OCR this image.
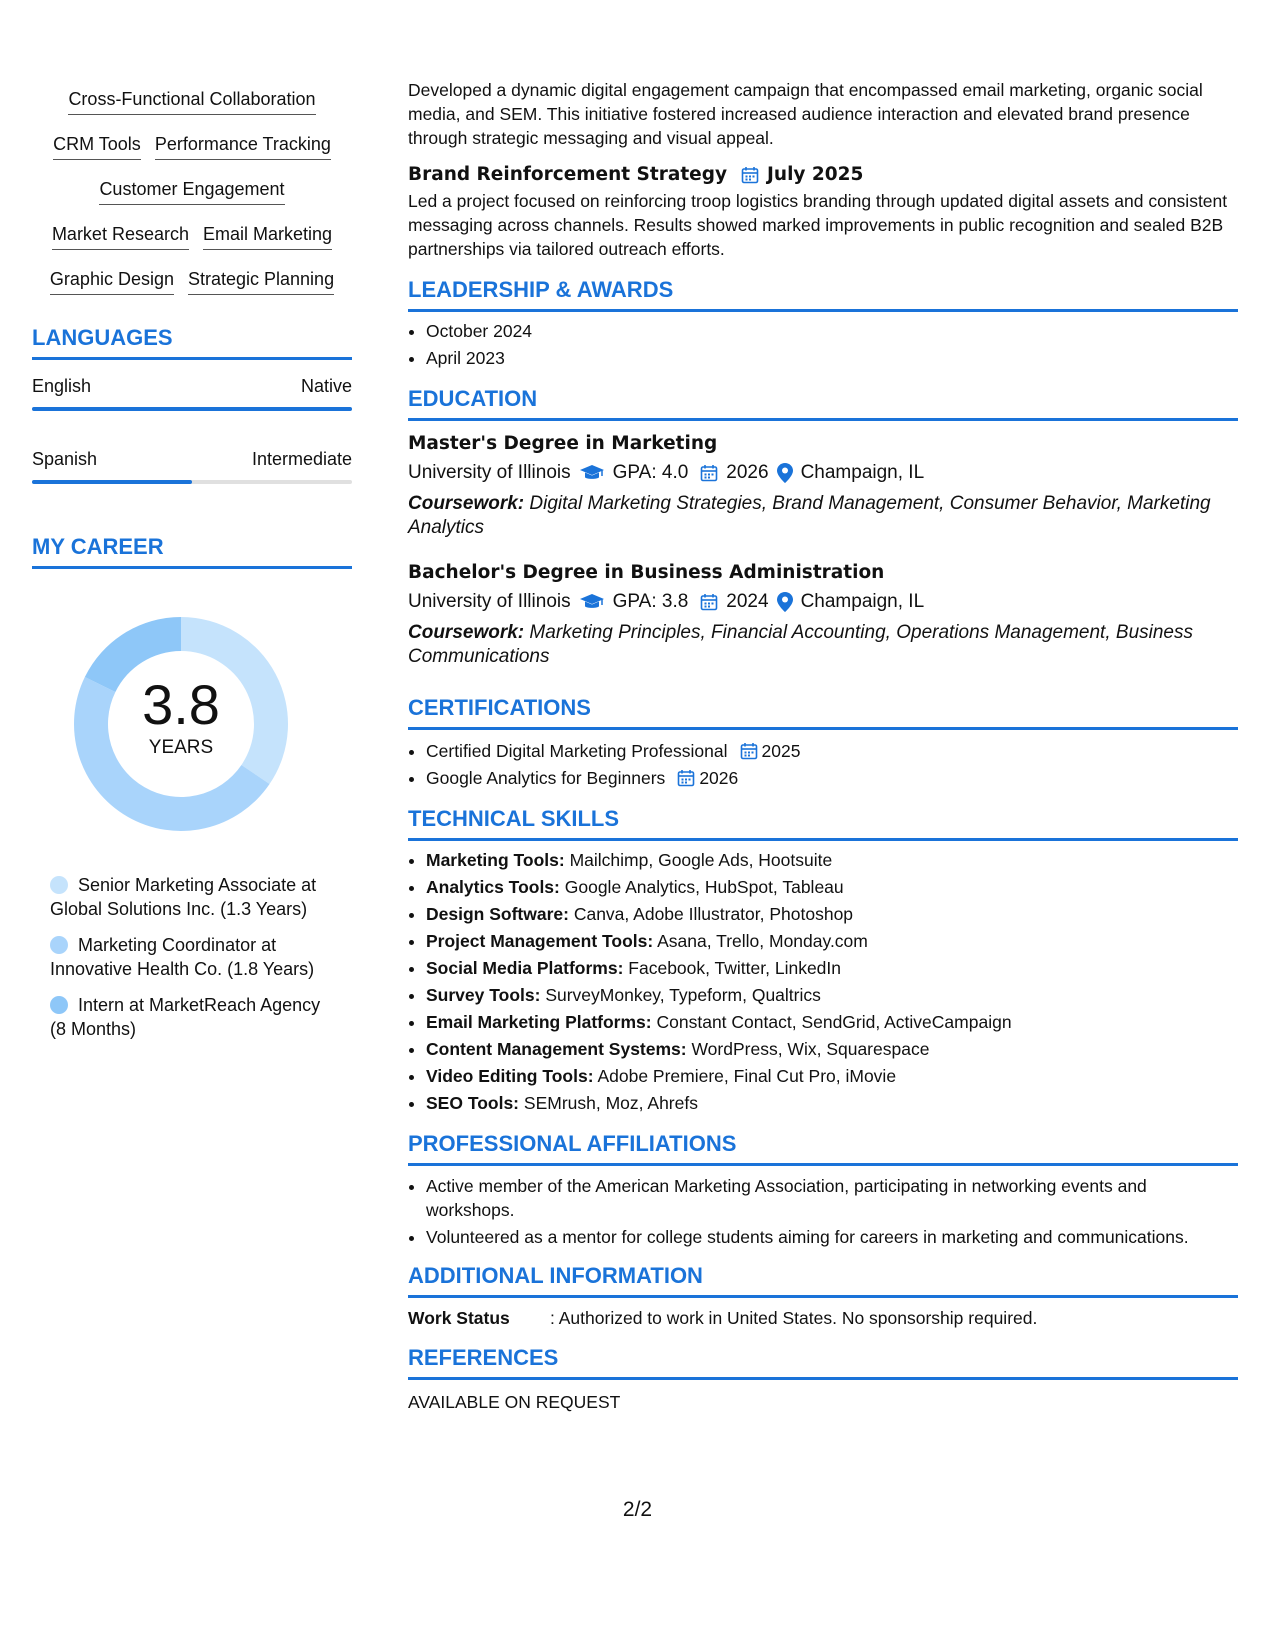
Cross-Functional Collaboration
CRM Tools Performance Tracking
Customer Engagement
Market Research Email Marketing
Graphic Design Strategic Planning
LANGUAGES
English	Native
Spanish	Intermediate
MY CAREER
3.8
YEARS
Senior Marketing Associate at Global Solutions Inc. (1.3 Years)
Marketing Coordinator at Innovative Health Co. (1.8 Years)
Intern at MarketReach Agency (8 Months)

Developed a dynamic digital engagement campaign that encompassed email marketing, organic social media, and SEM. This initiative fostered increased audience interaction and elevated brand presence through strategic messaging and visual appeal.

Brand Reinforcement Strategy July 2025

Led a project focused on reinforcing troop logistics branding through updated digital assets and consistent messaging across channels. Results showed marked improvements in public recognition and sealed B2B partnerships via tailored outreach efforts.

LEADERSHIP & AWARDS
• October 2024
• April 2023
EDUCATION
Master's Degree in Marketing
University of Illinois GPA: 4.0 2026 Champaign, IL

Coursework: Digital Marketing Strategies, Brand Management, Consumer Behavior, Marketing Analytics

Bachelor's Degree in Business Administration
University of Illinois GPA: 3.8 2024 Champaign, IL

Coursework: Marketing Principles, Financial Accounting, Operations Management, Business Communications

CERTIFICATIONS
• Certified Digital Marketing Professional 2025
• Google Analytics for Beginners 2026
TECHNICAL SKILLS
• Marketing Tools: Mailchimp, Google Ads, Hootsuite
• Analytics Tools: Google Analytics, HubSpot, Tableau
• Design Software: Canva, Adobe Illustrator, Photoshop
• Project Management Tools: Asana, Trello, Monday.com
• Social Media Platforms: Facebook, Twitter, LinkedIn
• Survey Tools: SurveyMonkey, Typeform, Qualtrics
• Email Marketing Platforms: Constant Contact, SendGrid, ActiveCampaign
• Content Management Systems: WordPress, Wix, Squarespace
• Video Editing Tools: Adobe Premiere, Final Cut Pro, iMovie
• SEO Tools: SEMrush, Moz, Ahrefs
PROFESSIONAL AFFILIATIONS
• Active member of the American Marketing Association, participating in networking events and workshops.
• Volunteered as a mentor for college students aiming for careers in marketing and communications.
ADDITIONAL INFORMATION
Work Status	: Authorized to work in United States. No sponsorship required.
REFERENCES
AVAILABLE ON REQUEST
2/2
